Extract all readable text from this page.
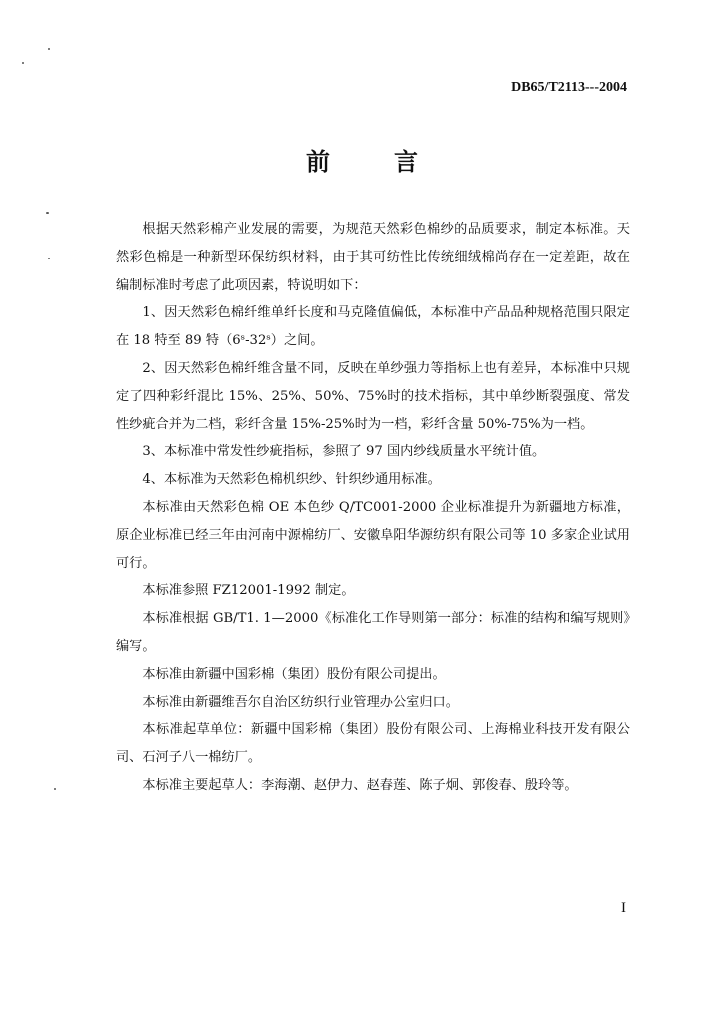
DB65/T2113---2004
前	言

根据天然彩棉产业发展的需要，为规范天然彩色棉纱的品质要求，制定本标准。天然彩色棉是一种新型环保纺织材料，由于其可纺性比传统细绒棉尚存在一定差距，故在编制标准时考虑了此项因素，特说明如下：

1、因天然彩色棉纤维单纤长度和马克隆值偏低，本标准中产品品种规格范围只限定在 18 特至 89 特（6ˢ-32ˢ）之间。

2、因天然彩色棉纤维含量不同，反映在单纱强力等指标上也有差异，本标准中只规定了四种彩纤混比 15%、25%、50%、75%时的技术指标，其中单纱断裂强度、常发性纱疵合并为二档，彩纤含量 15%-25%时为一档，彩纤含量 50%-75%为一档。

3、本标准中常发性纱疵指标，参照了 97 国内纱线质量水平统计值。

4、本标准为天然彩色棉机织纱、针织纱通用标准。

本标准由天然彩色棉 OE 本色纱 Q/TC001-2000 企业标准提升为新疆地方标准，原企业标准已经三年由河南中源棉纺厂、安徽阜阳华源纺织有限公司等 10 多家企业试用可行。

本标准参照 FZ12001-1992 制定。

本标准根据 GB/T1. 1—2000《标准化工作导则第一部分：标准的结构和编写规则》编写。

本标准由新疆中国彩棉（集团）股份有限公司提出。

本标准由新疆维吾尔自治区纺织行业管理办公室归口。

本标准起草单位：新疆中国彩棉（集团）股份有限公司、上海棉业科技开发有限公司、石河子八一棉纺厂。

本标准主要起草人：李海潮、赵伊力、赵春莲、陈子炯、郭俊春、殷玲等。

I
